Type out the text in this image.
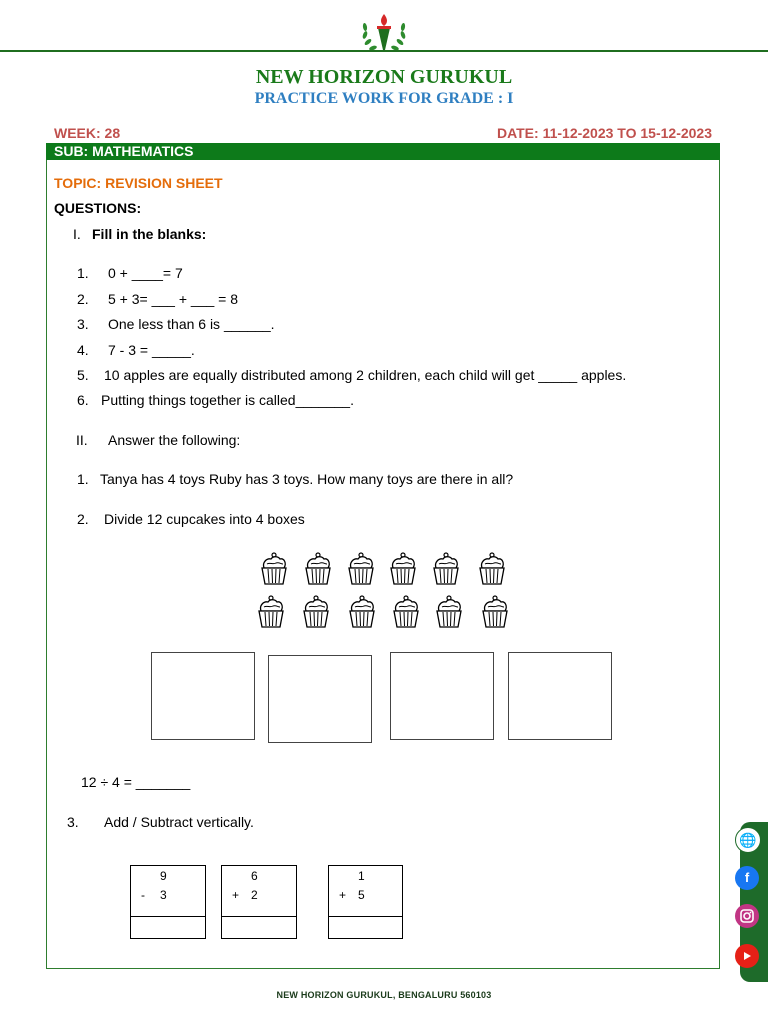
NEW HORIZON GURUKUL
PRACTICE WORK FOR GRADE : I
WEEK: 28	DATE: 11-12-2023 TO 15-12-2023
SUB: MATHEMATICS
TOPIC: REVISION SHEET
QUESTIONS:
I. Fill in the blanks:
1. 0 + ____= 7
2. 5 + 3= ___ + ___ = 8
3. One less than 6 is ______.
4. 7 - 3 = _____.
5. 10 apples are equally distributed among 2 children, each child will get _____ apples.
6. Putting things together is called_______.
II. Answer the following:
1. Tanya has 4 toys Ruby has 3 toys. How many toys are there in all?
2. Divide 12 cupcakes into 4 boxes
12 ÷ 4 = _______
3. Add / Subtract vertically.
9
- 3
6
+ 2
1
+ 5
🌐
f
NEW HORIZON GURUKUL, BENGALURU 560103
